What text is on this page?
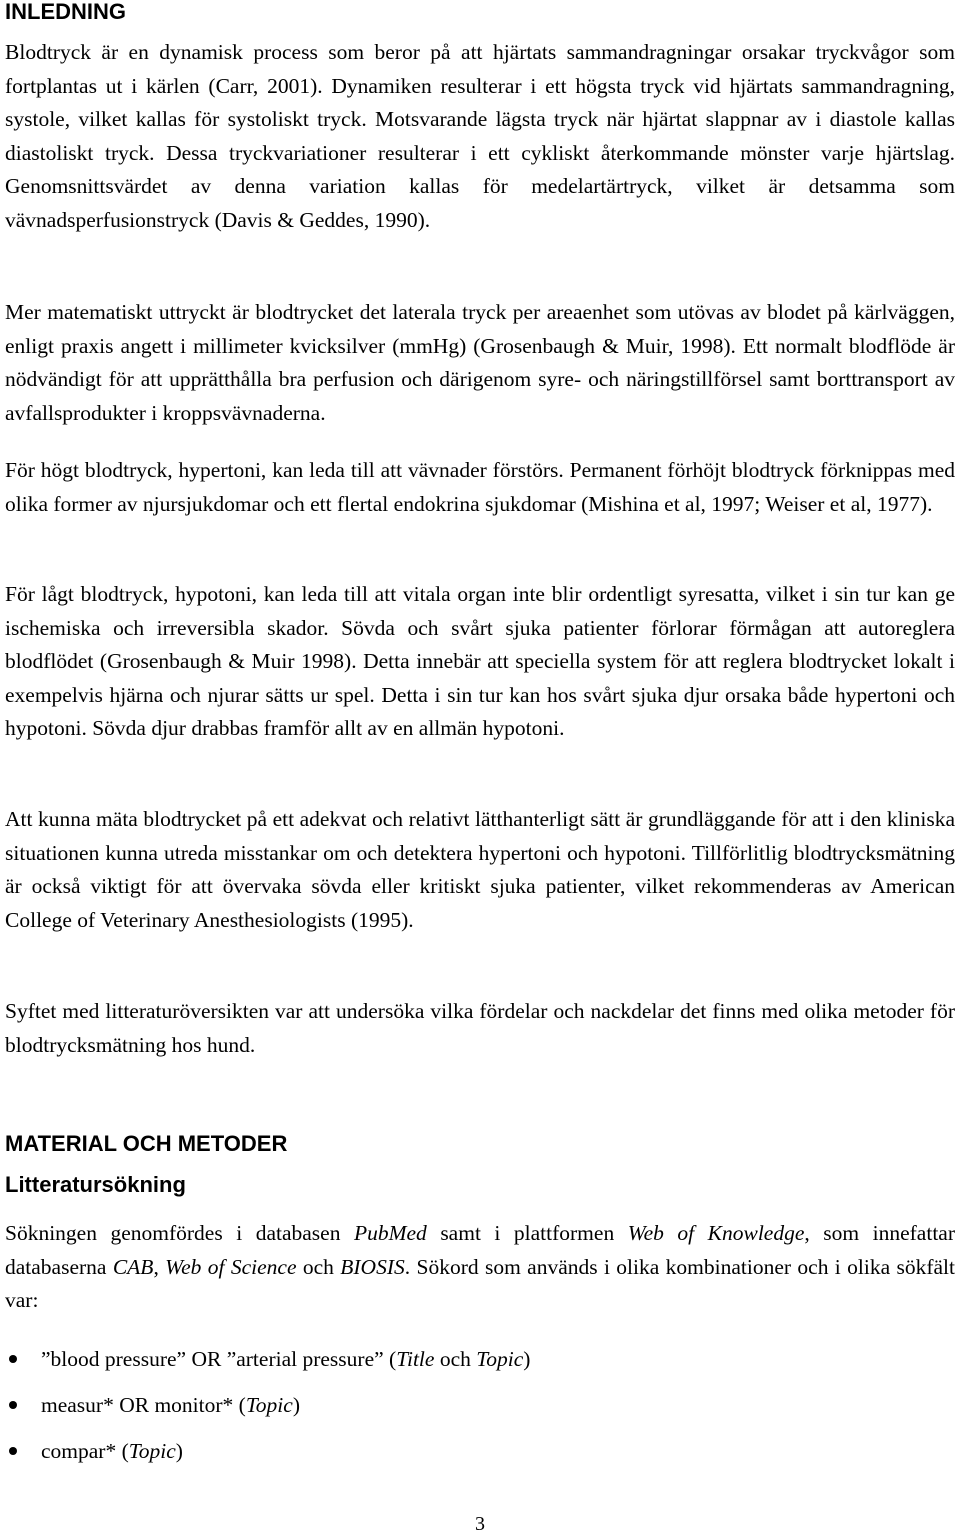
INLEDNING

Blodtryck är en dynamisk process som beror på att hjärtats sammandragningar orsakar tryckvågor som fortplantas ut i kärlen (Carr, 2001). Dynamiken resulterar i ett högsta tryck vid hjärtats sammandragning, systole, vilket kallas för systoliskt tryck. Motsvarande lägsta tryck när hjärtat slappnar av i diastole kallas diastoliskt tryck. Dessa tryckvariationer resulterar i ett cykliskt återkommande mönster varje hjärtslag. Genomsnittsvärdet av denna variation kallas för medelartärtryck, vilket är detsamma som vävnadsperfusionstryck (Davis & Geddes, 1990).

Mer matematiskt uttryckt är blodtrycket det laterala tryck per areaenhet som utövas av blodet på kärlväggen, enligt praxis angett i millimeter kvicksilver (mmHg) (Grosenbaugh & Muir, 1998). Ett normalt blodflöde är nödvändigt för att upprätthålla bra perfusion och därigenom syre- och näringstillförsel samt borttransport av avfallsprodukter i kroppsvävnaderna.

För högt blodtryck, hypertoni, kan leda till att vävnader förstörs. Permanent förhöjt blodtryck förknippas med olika former av njursjukdomar och ett flertal endokrina sjukdomar (Mishina et al, 1997; Weiser et al, 1977).

För lågt blodtryck, hypotoni, kan leda till att vitala organ inte blir ordentligt syresatta, vilket i sin tur kan ge ischemiska och irreversibla skador. Sövda och svårt sjuka patienter förlorar förmågan att autoreglera blodflödet (Grosenbaugh & Muir 1998). Detta innebär att speciella system för att reglera blodtrycket lokalt i exempelvis hjärna och njurar sätts ur spel. Detta i sin tur kan hos svårt sjuka djur orsaka både hypertoni och hypotoni. Sövda djur drabbas framför allt av en allmän hypotoni.

Att kunna mäta blodtrycket på ett adekvat och relativt lätthanterligt sätt är grundläggande för att i den kliniska situationen kunna utreda misstankar om och detektera hypertoni och hypotoni. Tillförlitlig blodtrycksmätning är också viktigt för att övervaka sövda eller kritiskt sjuka patienter, vilket rekommenderas av American College of Veterinary Anesthesiologists (1995).

Syftet med litteraturöversikten var att undersöka vilka fördelar och nackdelar det finns med olika metoder för blodtrycksmätning hos hund.

MATERIAL OCH METODER
Litteratursökning

Sökningen genomfördes i databasen PubMed samt i plattformen Web of Knowledge, som innefattar databaserna CAB, Web of Science och BIOSIS. Sökord som används i olika kombinationer och i olika sökfält var:

”blood pressure” OR ”arterial pressure” (Title och Topic)
measur* OR monitor* (Topic)
compar* (Topic)
3
